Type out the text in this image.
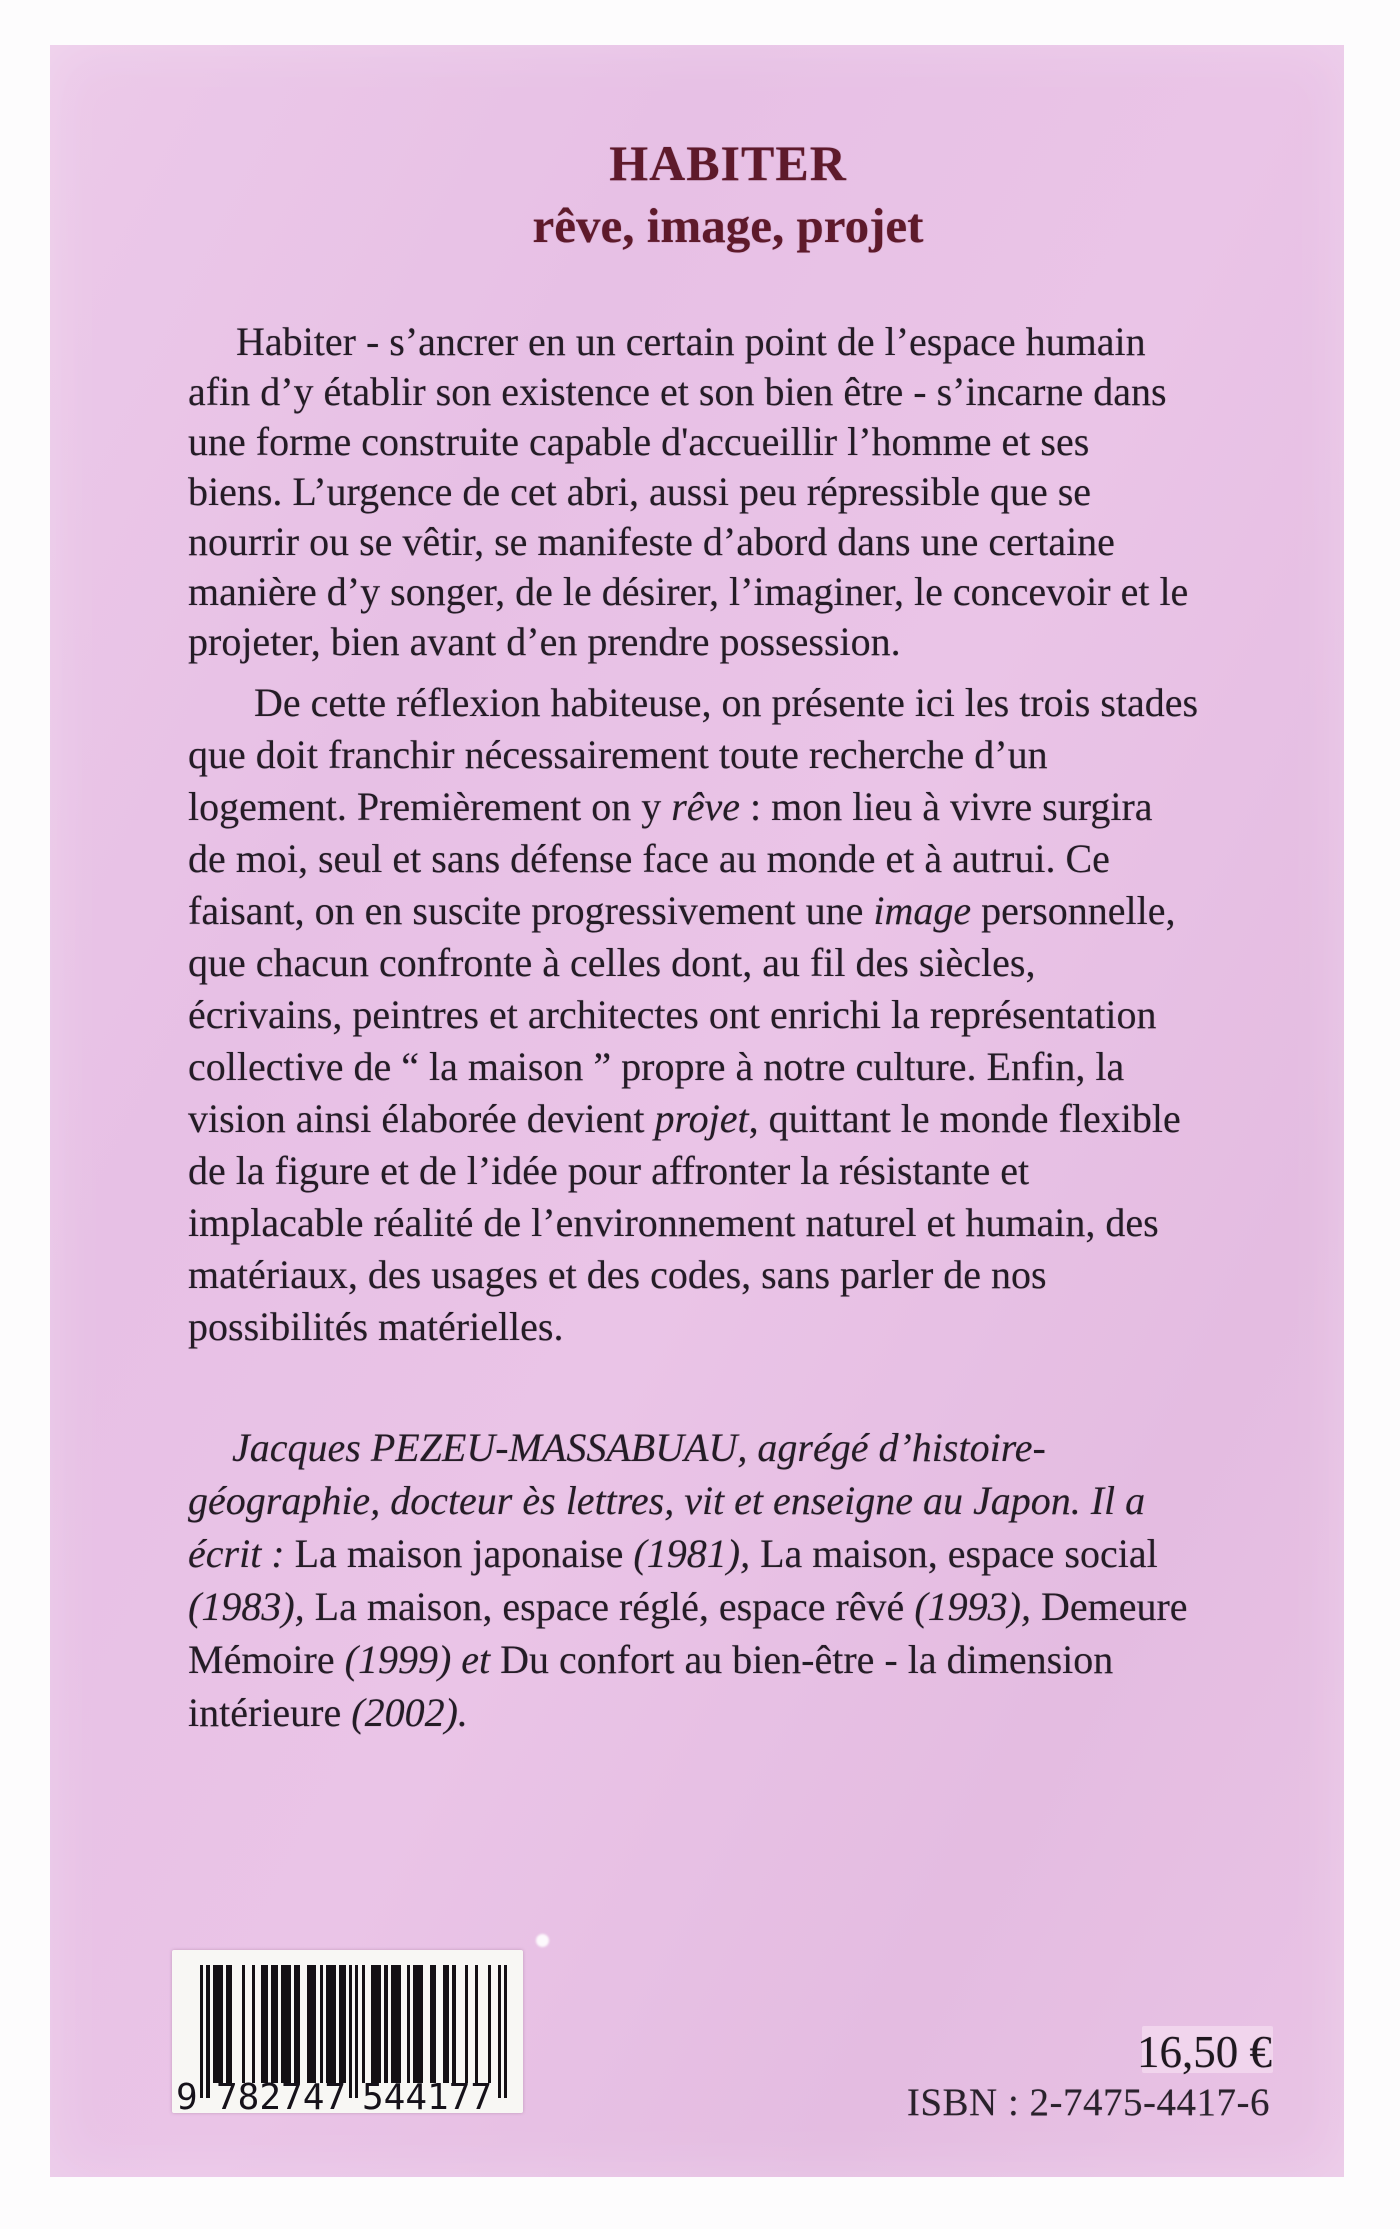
HABITER
rêve, image, projet
Habiter - s’ancrer en un certain point de l’espace humain
afin d’y établir son existence et son bien être - s’incarne dans
une forme construite capable d'accueillir l’homme et ses
biens. L’urgence de cet abri, aussi peu répressible que se
nourrir ou se vêtir, se manifeste d’abord dans une certaine
manière d’y songer, de le désirer, l’imaginer, le concevoir et le
projeter, bien avant d’en prendre possession.
De cette réflexion habiteuse, on présente ici les trois stades
que doit franchir nécessairement toute recherche d’un
logement. Premièrement on y rêve : mon lieu à vivre surgira
de moi, seul et sans défense face au monde et à autrui. Ce
faisant, on en suscite progressivement une image personnelle,
que chacun confronte à celles dont, au fil des siècles,
écrivains, peintres et architectes ont enrichi la représentation
collective de “ la maison ” propre à notre culture. Enfin, la
vision ainsi élaborée devient projet, quittant le monde flexible
de la figure et de l’idée pour affronter la résistante et
implacable réalité de l’environnement naturel et humain, des
matériaux, des usages et des codes, sans parler de nos
possibilités matérielles.
Jacques PEZEU-MASSABUAU, agrégé d’histoire-
géographie, docteur ès lettres, vit et enseigne au Japon. Il a
écrit : La maison japonaise (1981), La maison, espace social
(1983), La maison, espace réglé, espace rêvé (1993), Demeure
Mémoire (1999) et Du confort au bien-être - la dimension
intérieure (2002).
9 782747 544177
16,50 €
ISBN : 2-7475-4417-6
